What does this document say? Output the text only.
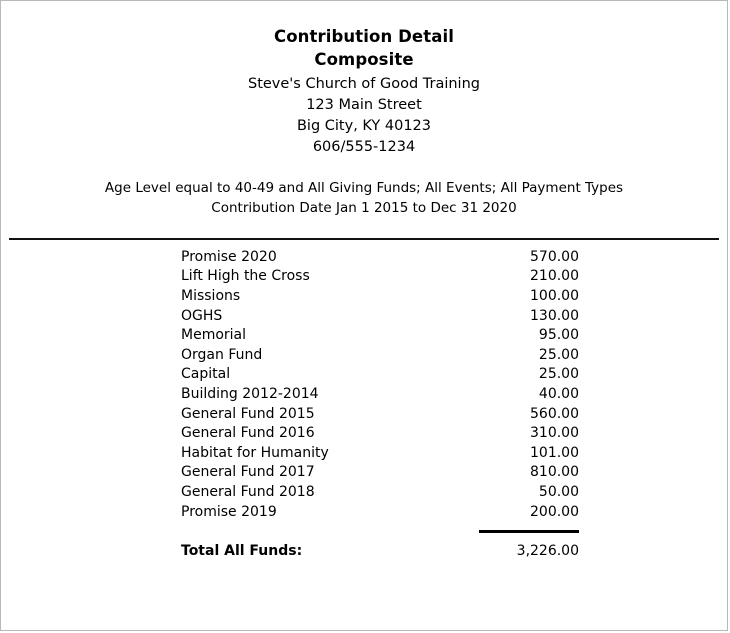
Contribution Detail
Composite
Steve's Church of Good Training
123 Main Street
Big City, KY 40123
606/555-1234
Age Level equal to 40-49 and All Giving Funds; All Events; All Payment Types
Contribution Date Jan 1 2015 to Dec 31 2020
Promise 2020	570.00
Lift High the Cross	210.00
Missions	100.00
OGHS	130.00
Memorial	95.00
Organ Fund	25.00
Capital	25.00
Building 2012-2014	40.00
General Fund 2015	560.00
General Fund 2016	310.00
Habitat for Humanity	101.00
General Fund 2017	810.00
General Fund 2018	50.00
Promise 2019	200.00

Total All Funds:	3,226.00
